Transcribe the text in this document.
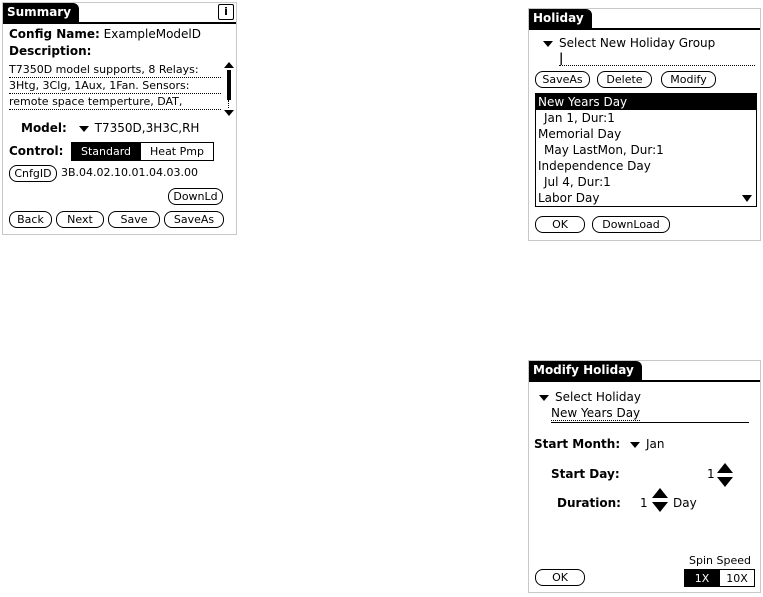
Summary	i
Config Name: ExampleModelD
Description:
T7350D model supports, 8 Relays:
3Htg, 3Clg, 1Aux, 1Fan. Sensors:
remote space temperture, DAT,
Model: T7350D,3H3C,RH
Control:	Standard	Heat Pmp
CnfgID 3B.04.02.10.01.04.03.00
DownLd
Back	Next	Save	SaveAs
Holiday
Select New Holiday Group
|
SaveAs	Delete	Modify
New Years Day
Jan 1, Dur:1
Memorial Day
May LastMon, Dur:1
Independence Day
Jul 4, Dur:1
Labor Day
OK	DownLoad
Modify Holiday
Select Holiday
New Years Day
Start Month: Jan
Start Day:	1
Duration: 1 Day
Spin Speed
1X	10X
OK
